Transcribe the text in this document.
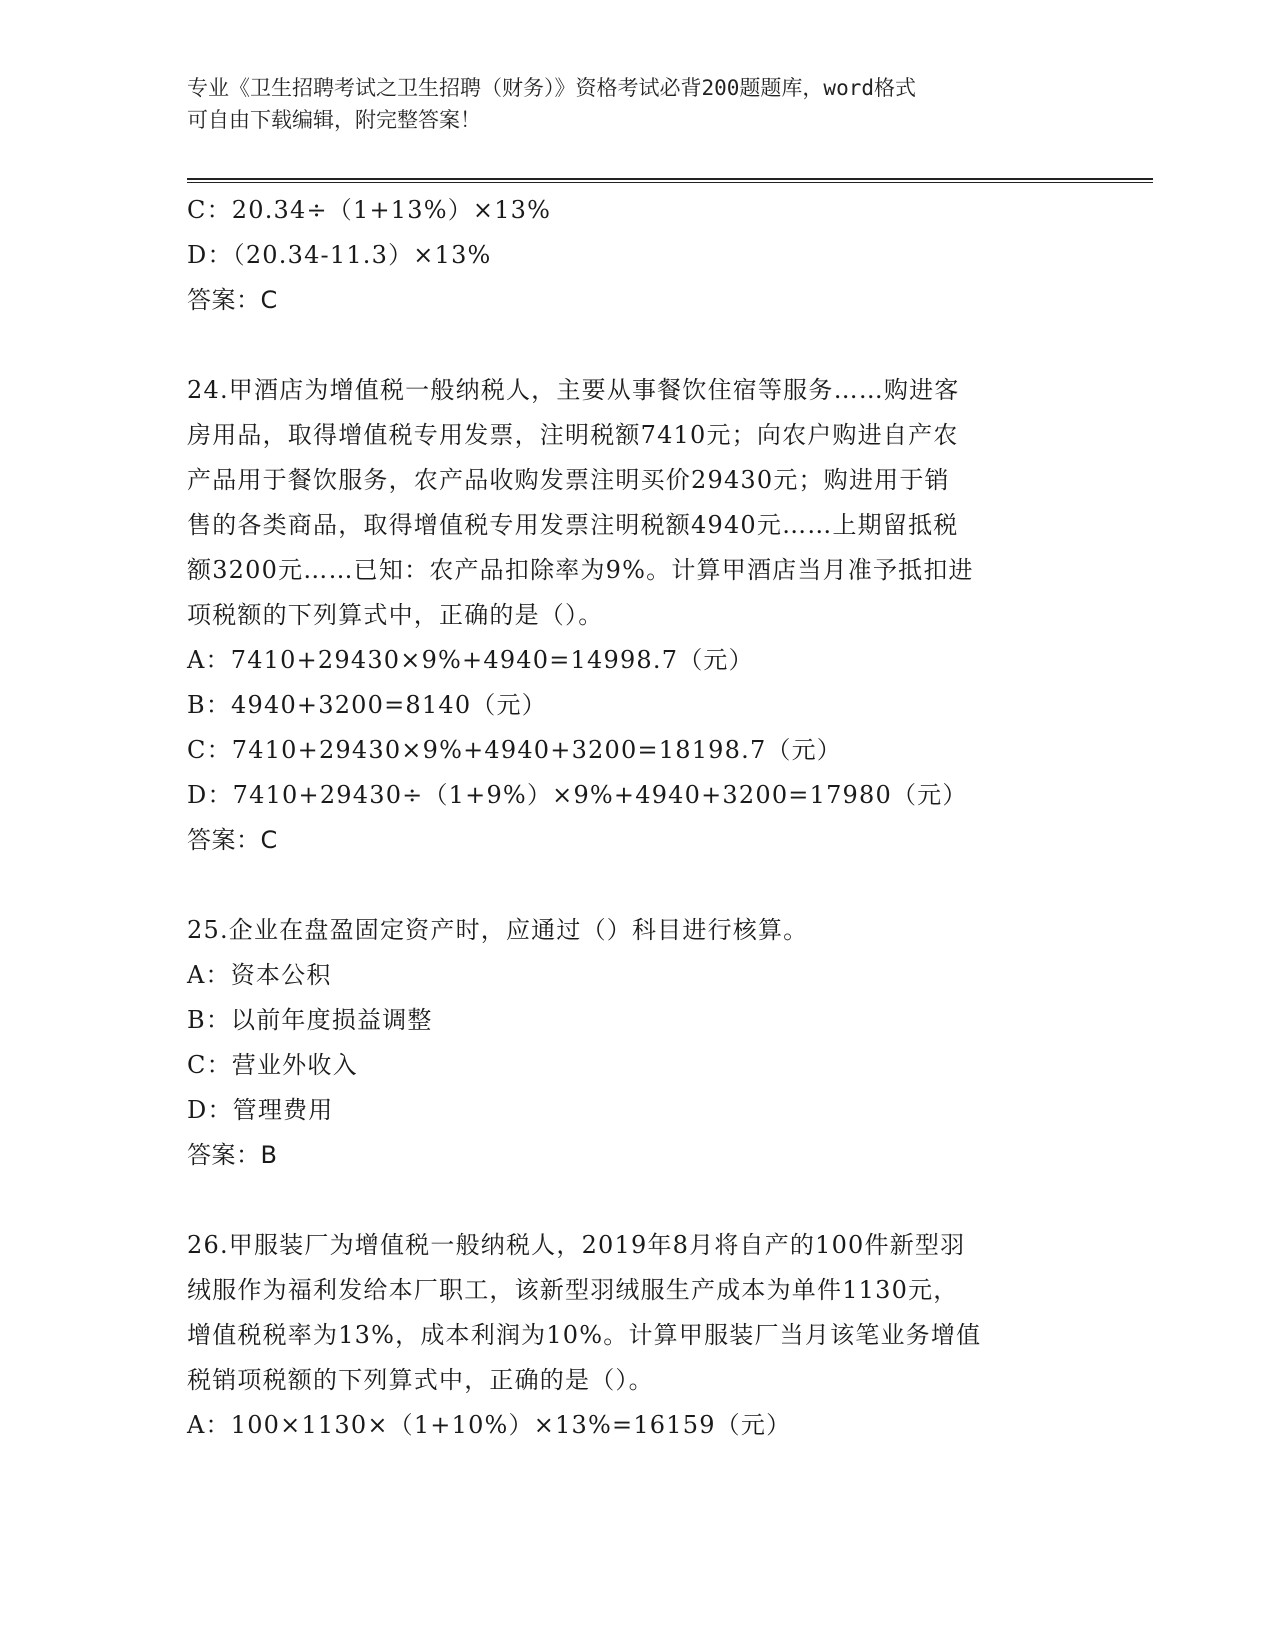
专业《卫生招聘考试之卫生招聘（财务）》资格考试必背200题题库，word格式
可自由下载编辑，附完整答案！
C：20.34÷（1+13%）×13%
D：（20.34-11.3）×13%
答案：C
24.甲酒店为增值税一般纳税人，主要从事餐饮住宿等服务……购进客
房用品，取得增值税专用发票，注明税额7410元；向农户购进自产农
产品用于餐饮服务，农产品收购发票注明买价29430元；购进用于销
售的各类商品，取得增值税专用发票注明税额4940元……上期留抵税
额3200元……已知：农产品扣除率为9%。计算甲酒店当月准予抵扣进
项税额的下列算式中，正确的是（）。
A：7410+29430×9%+4940=14998.7（元）
B：4940+3200=8140（元）
C：7410+29430×9%+4940+3200=18198.7（元）
D：7410+29430÷（1+9%）×9%+4940+3200=17980（元）
答案：C
25.企业在盘盈固定资产时，应通过（）科目进行核算。
A：资本公积
B：以前年度损益调整
C：营业外收入
D：管理费用
答案：B
26.甲服装厂为增值税一般纳税人，2019年8月将自产的100件新型羽
绒服作为福利发给本厂职工，该新型羽绒服生产成本为单件1130元，
增值税税率为13%，成本利润为10%。计算甲服装厂当月该笔业务增值
税销项税额的下列算式中，正确的是（）。
A：100×1130×（1+10%）×13%=16159（元）
